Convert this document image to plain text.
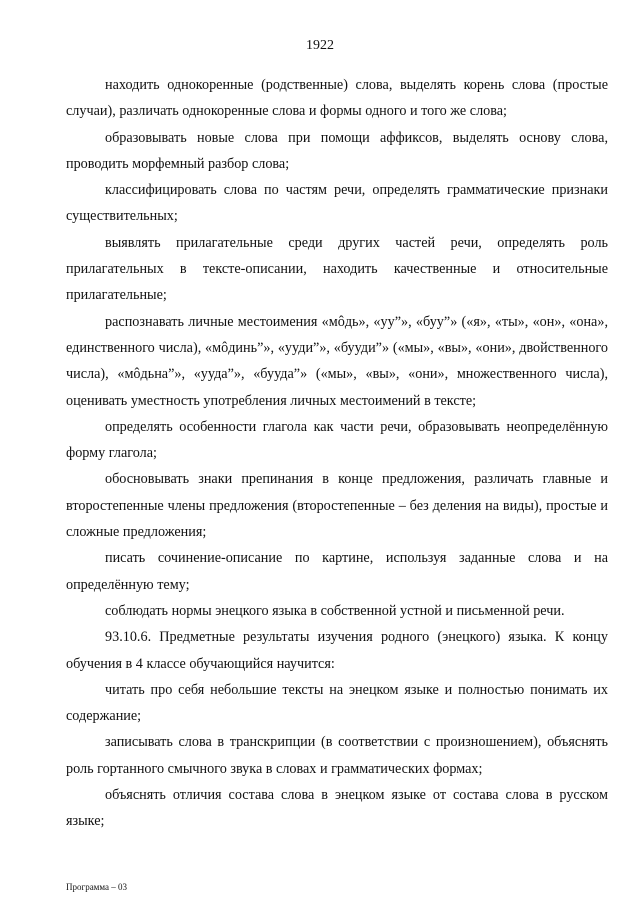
1922

находить однокоренные (родственные) слова, выделять корень слова (простые случаи), различать однокоренные слова и формы одного и того же слова;

образовывать новые слова при помощи аффиксов, выделять основу слова, проводить морфемный разбор слова;

классифицировать слова по частям речи, определять грамматические признаки существительных;

выявлять прилагательные среди других частей речи, определять роль прилагательных в тексте-описании, находить качественные и относительные прилагательные;

распознавать личные местоимения «мôдь», «уу”», «буу”» («я», «ты», «он», «она», единственного числа), «мôдинь”», «ууди”», «бууди”» («мы», «вы», «они», двойственного числа), «мôдьна”», «ууда”», «бууда”» («мы», «вы», «они», множественного числа), оценивать уместность употребления личных местоимений в тексте;

определять особенности глагола как части речи, образовывать неопределённую форму глагола;

обосновывать знаки препинания в конце предложения, различать главные и второстепенные члены предложения (второстепенные – без деления на виды), простые и сложные предложения;

писать сочинение-описание по картине, используя заданные слова и на определённую тему;

соблюдать нормы энецкого языка в собственной устной и письменной речи.

93.10.6. Предметные результаты изучения родного (энецкого) языка. К концу обучения в 4 классе обучающийся научится:

читать про себя небольшие тексты на энецком языке и полностью понимать их содержание;

записывать слова в транскрипции (в соответствии с произношением), объяснять роль гортанного смычного звука в словах и грамматических формах;

объяснять отличия состава слова в энецком языке от состава слова в русском языке;

Программа – 03
